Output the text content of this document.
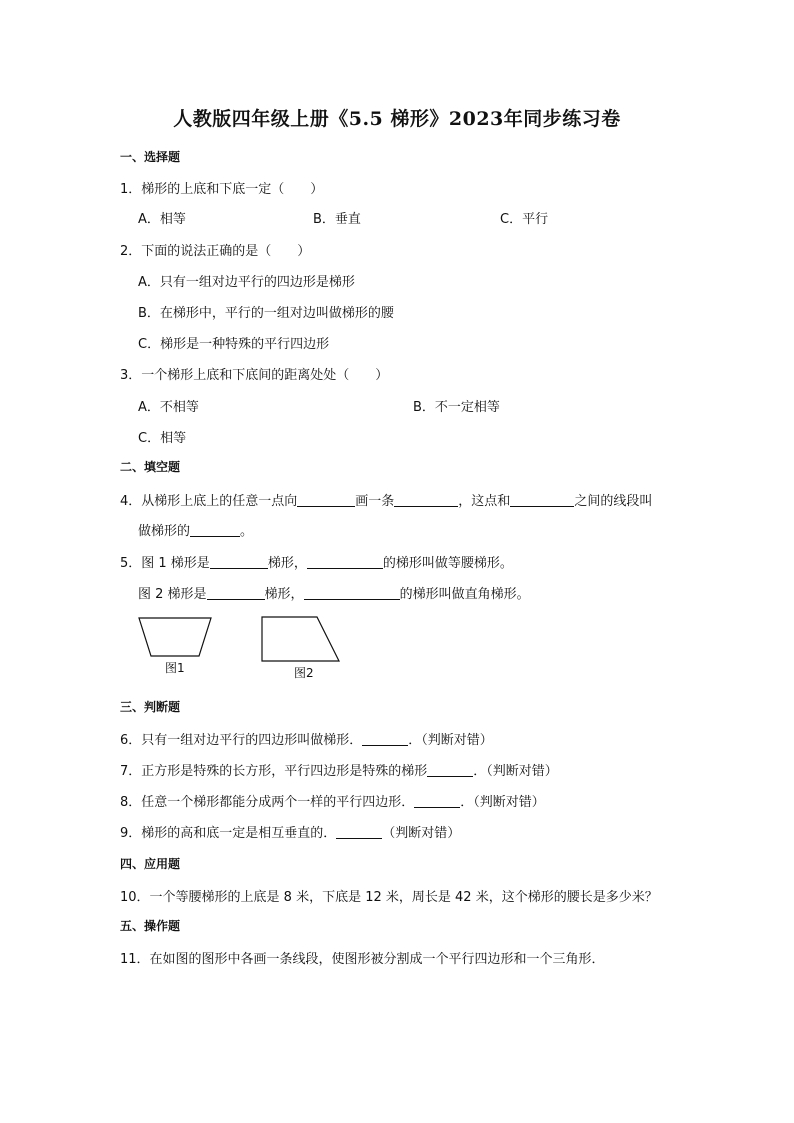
人教版四年级上册《5.5 梯形》2023年同步练习卷
一、选择题
1．梯形的上底和下底一定（　　）
A．相等	B．垂直	C．平行
2．下面的说法正确的是（　　）
A．只有一组对边平行的四边形是梯形
B．在梯形中，平行的一组对边叫做梯形的腰
C．梯形是一种特殊的平行四边形
3．一个梯形上底和下底间的距离处处（　　）
A．不相等	B．不一定相等
C．相等
二、填空题
4．从梯形上底上的任意一点向	画一条	，这点和	之间的线段叫
做梯形的	。
5．图 1 梯形是	梯形，	的梯形叫做等腰梯形。
图 2 梯形是	梯形，	的梯形叫做直角梯形。
图1	图2
三、判断题
6．只有一组对边平行的四边形叫做梯形．	．（判断对错）
7．正方形是特殊的长方形，平行四边形是特殊的梯形	．（判断对错）
8．任意一个梯形都能分成两个一样的平行四边形．	．（判断对错）
9．梯形的高和底一定是相互垂直的．	（判断对错）
四、应用题
10．一个等腰梯形的上底是 8 米，下底是 12 米，周长是 42 米，这个梯形的腰长是多少米？
五、操作题
11．在如图的图形中各画一条线段，使图形被分割成一个平行四边形和一个三角形．
